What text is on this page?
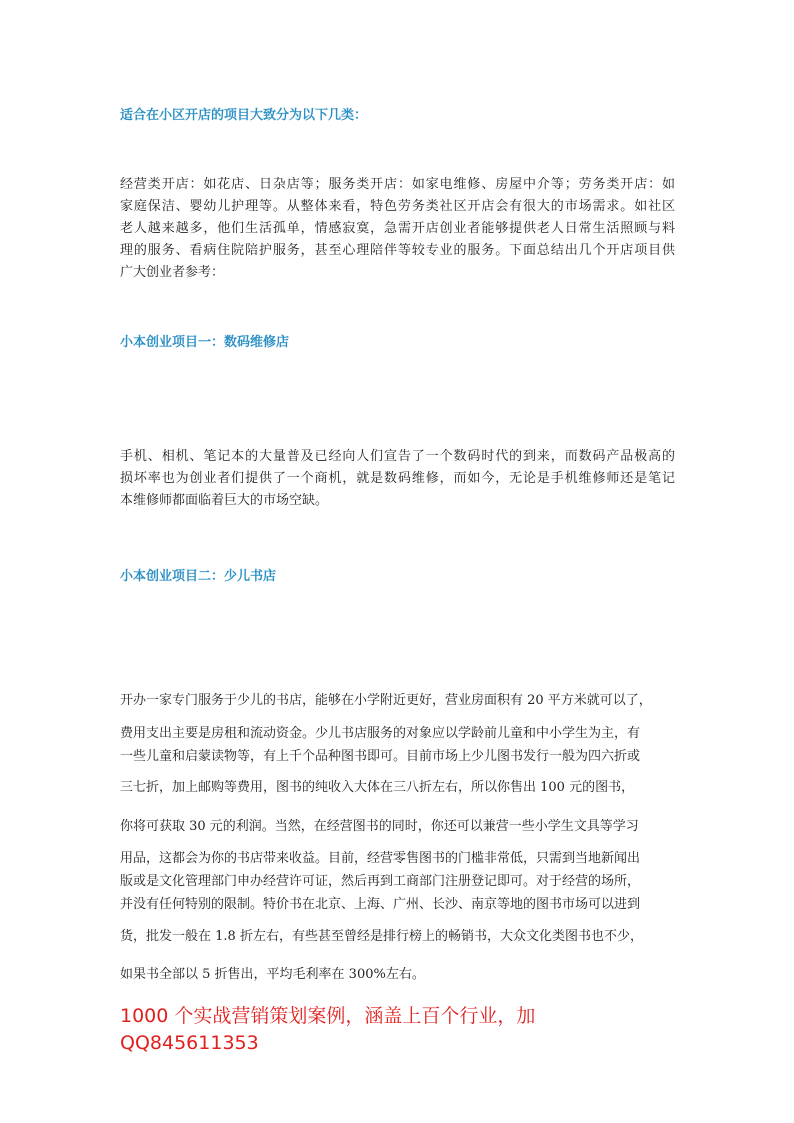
适合在小区开店的项目大致分为以下几类：
经营类开店：如花店、日杂店等；服务类开店：如家电维修、房屋中介等；劳务类开店：如
家庭保洁、婴幼儿护理等。从整体来看，特色劳务类社区开店会有很大的市场需求。如社区
老人越来越多，他们生活孤单，情感寂寞，急需开店创业者能够提供老人日常生活照顾与料
理的服务、看病住院陪护服务，甚至心理陪伴等较专业的服务。下面总结出几个开店项目供
广大创业者参考：
小本创业项目一：数码维修店
手机、相机、笔记本的大量普及已经向人们宣告了一个数码时代的到来，而数码产品极高的
损坏率也为创业者们提供了一个商机，就是数码维修，而如今，无论是手机维修师还是笔记
本维修师都面临着巨大的市场空缺。
小本创业项目二：少儿书店
开办一家专门服务于少儿的书店，能够在小学附近更好，营业房面积有 20 平方米就可以了，
费用支出主要是房租和流动资金。少儿书店服务的对象应以学龄前儿童和中小学生为主，有
一些儿童和启蒙读物等，有上千个品种图书即可。目前市场上少儿图书发行一般为四六折或
三七折，加上邮购等费用，图书的纯收入大体在三八折左右，所以你售出 100 元的图书，
你将可获取 30 元的利润。当然，在经营图书的同时，你还可以兼营一些小学生文具等学习
用品，这都会为你的书店带来收益。目前，经营零售图书的门槛非常低，只需到当地新闻出
版或是文化管理部门申办经营许可证，然后再到工商部门注册登记即可。对于经营的场所，
并没有任何特别的限制。特价书在北京、上海、广州、长沙、南京等地的图书市场可以进到
货，批发一般在 1.8 折左右，有些甚至曾经是排行榜上的畅销书，大众文化类图书也不少，
如果书全部以 5 折售出，平均毛利率在 300%左右。
1000 个实战营销策划案例，涵盖上百个行业，加
QQ845611353
